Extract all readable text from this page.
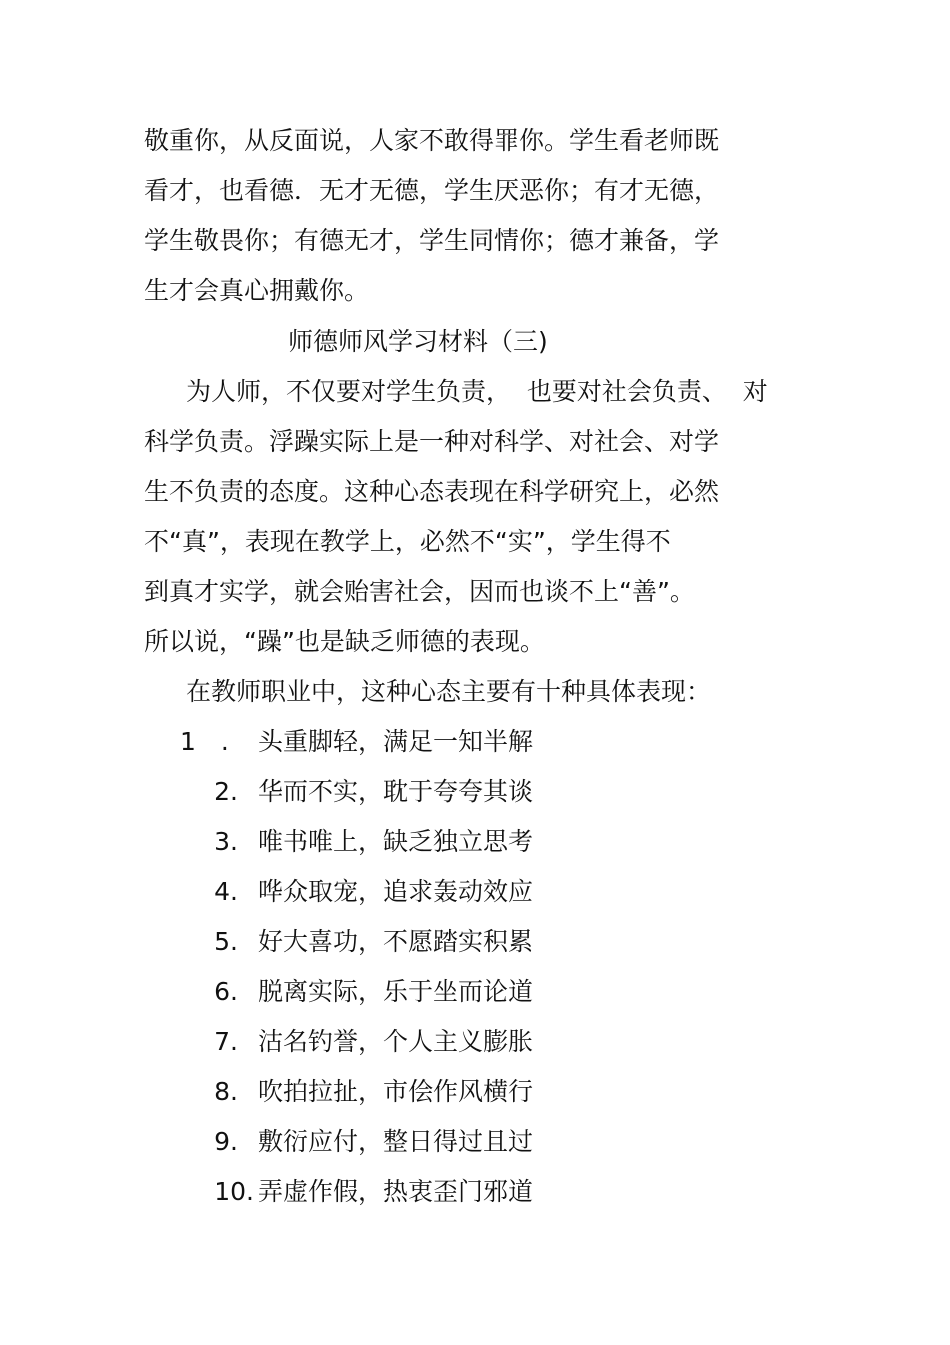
敬重你，从反面说，人家不敢得罪你。学生看老师既
看才，也看德．无才无德，学生厌恶你；有才无德，
学生敬畏你；有德无才，学生同情你；德才兼备，学
生才会真心拥戴你。
师德师风学习材料（三)
为人师，不仅要对学生负责，  也要对社会负责、  对
科学负责。浮躁实际上是一种对科学、对社会、对学
生不负责的态度。这种心态表现在科学研究上，必然
不“真”，表现在教学上，必然不“实”，学生得不
到真才实学，就会贻害社会，因而也谈不上“善”。
所以说，“躁”也是缺乏师德的表现。
在教师职业中，这种心态主要有十种具体表现：
1　.	头重脚轻，满足一知半解
2. 华而不实，耽于夸夸其谈
3. 唯书唯上，缺乏独立思考
4. 哗众取宠，追求轰动效应
5. 好大喜功，不愿踏实积累
6. 脱离实际，乐于坐而论道
7. 沽名钓誉，个人主义膨胀
8. 吹拍拉扯，市侩作风横行
9. 敷衍应付，整日得过且过
10. 弄虚作假，热衷歪门邪道
